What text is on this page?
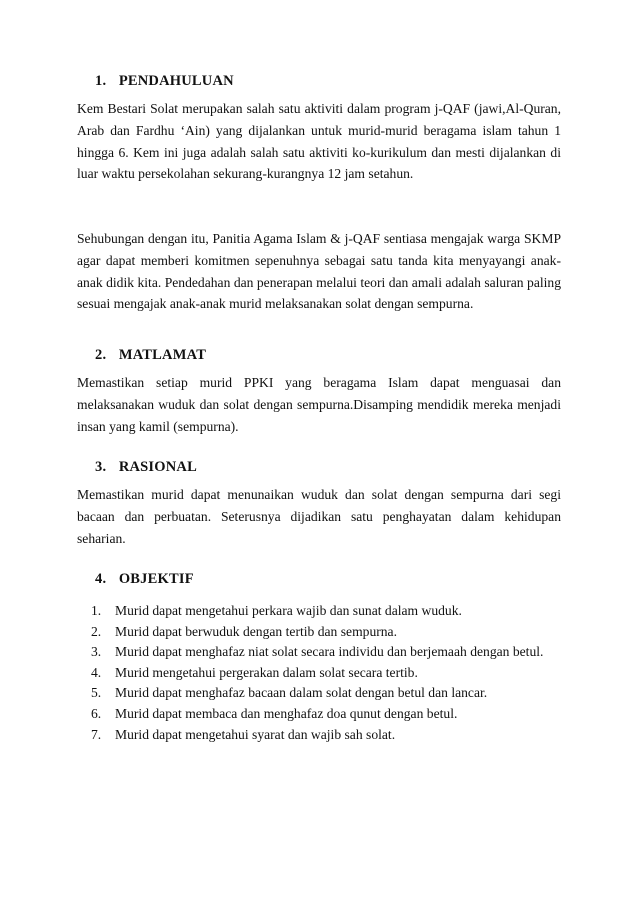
1. PENDAHULUAN

Kem Bestari Solat merupakan salah satu aktiviti dalam program j-QAF (jawi,Al-Quran, Arab dan Fardhu ‘Ain) yang dijalankan untuk murid-murid beragama islam tahun 1 hingga 6. Kem ini juga adalah salah satu aktiviti ko-kurikulum dan mesti dijalankan di luar waktu persekolahan sekurang-kurangnya 12 jam setahun.

Sehubungan dengan itu, Panitia Agama Islam & j-QAF sentiasa mengajak warga SKMP agar dapat memberi komitmen sepenuhnya sebagai satu tanda kita menyayangi anak-anak didik kita. Pendedahan dan penerapan melalui teori dan amali adalah saluran paling sesuai mengajak anak-anak murid melaksanakan solat dengan sempurna.

2. MATLAMAT

Memastikan setiap murid PPKI yang beragama Islam dapat menguasai dan melaksanakan wuduk dan solat dengan sempurna.Disamping mendidik mereka menjadi insan yang kamil (sempurna).

3. RASIONAL

Memastikan murid dapat menunaikan wuduk dan solat dengan sempurna dari segi bacaan dan perbuatan. Seterusnya dijadikan satu penghayatan dalam kehidupan seharian.

4. OBJEKTIF
1. Murid dapat mengetahui perkara wajib dan sunat dalam wuduk.
2. Murid dapat berwuduk dengan tertib dan sempurna.
3. Murid dapat menghafaz niat solat secara individu dan berjemaah dengan betul.
4. Murid mengetahui pergerakan dalam solat secara tertib.
5. Murid dapat menghafaz bacaan dalam solat dengan betul dan lancar.
6. Murid dapat membaca dan menghafaz doa qunut dengan betul.
7. Murid dapat mengetahui syarat dan wajib sah solat.
